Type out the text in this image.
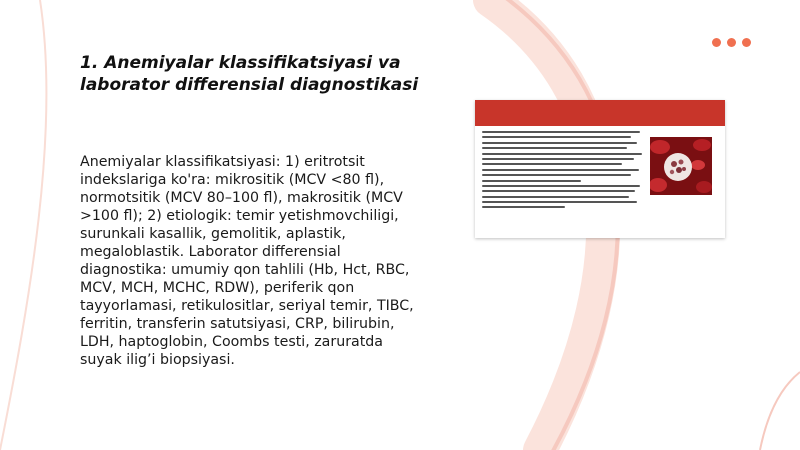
1. Anemiyalar klassifikatsiyasi va
laborator differensial diagnostikasi

Anemiyalar klassifikatsiyasi: 1) eritrotsit indekslariga ko'ra: mikrositik (MCV <80 fl), normotsitik (MCV 80–100 fl), makrositik (MCV >100 fl); 2) etiologik: temir yetishmovchiligi, surunkali kasallik, gemolitik, aplastik, megaloblastik. Laborator differensial diagnostika: umumiy qon tahlili (Hb, Hct, RBC, MCV, MCH, MCHC, RDW), periferik qon tayyorlamasi, retikulositlar, seriyal temir, TIBC, ferritin, transferin satutsiyasi, CRP, bilirubin, LDH, haptoglobin, Coombs testi, zaruratda suyak ilig’i biopsiyasi.
